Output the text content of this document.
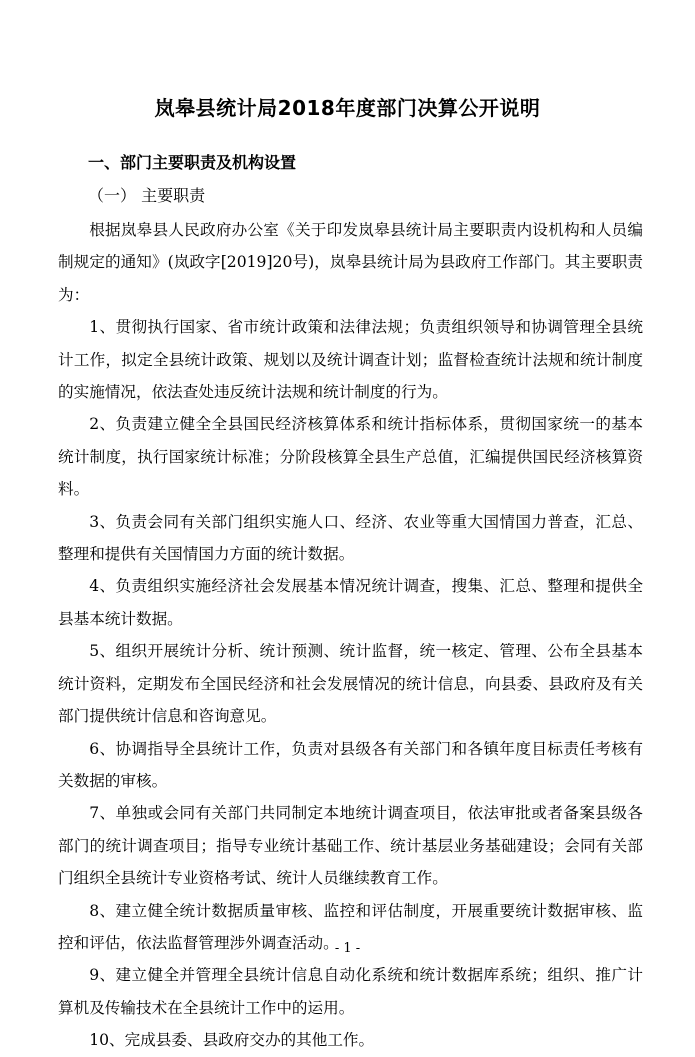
岚皋县统计局2018年度部门决算公开说明
一、部门主要职责及机构设置
（一） 主要职责

根据岚皋县人民政府办公室《关于印发岚皋县统计局主要职责内设机构和人员编制规定的通知》(岚政字[2019]20号)，岚皋县统计局为县政府工作部门。其主要职责为：

1、贯彻执行国家、省市统计政策和法律法规；负责组织领导和协调管理全县统计工作，拟定全县统计政策、规划以及统计调查计划；监督检查统计法规和统计制度的实施情况，依法查处违反统计法规和统计制度的行为。

2、负责建立健全全县国民经济核算体系和统计指标体系，贯彻国家统一的基本统计制度，执行国家统计标准；分阶段核算全县生产总值，汇编提供国民经济核算资料。

3、负责会同有关部门组织实施人口、经济、农业等重大国情国力普查，汇总、整理和提供有关国情国力方面的统计数据。

4、负责组织实施经济社会发展基本情况统计调查，搜集、汇总、整理和提供全县基本统计数据。

5、组织开展统计分析、统计预测、统计监督，统一核定、管理、公布全县基本统计资料，定期发布全国民经济和社会发展情况的统计信息，向县委、县政府及有关部门提供统计信息和咨询意见。

6、协调指导全县统计工作，负责对县级各有关部门和各镇年度目标责任考核有关数据的审核。

7、单独或会同有关部门共同制定本地统计调查项目，依法审批或者备案县级各部门的统计调查项目；指导专业统计基础工作、统计基层业务基础建设；会同有关部门组织全县统计专业资格考试、统计人员继续教育工作。

8、建立健全统计数据质量审核、监控和评估制度，开展重要统计数据审核、监控和评估，依法监督管理涉外调查活动。

9、建立健全并管理全县统计信息自动化系统和统计数据库系统；组织、推广计算机及传输技术在全县统计工作中的运用。

10、完成县委、县政府交办的其他工作。

- 1 -
